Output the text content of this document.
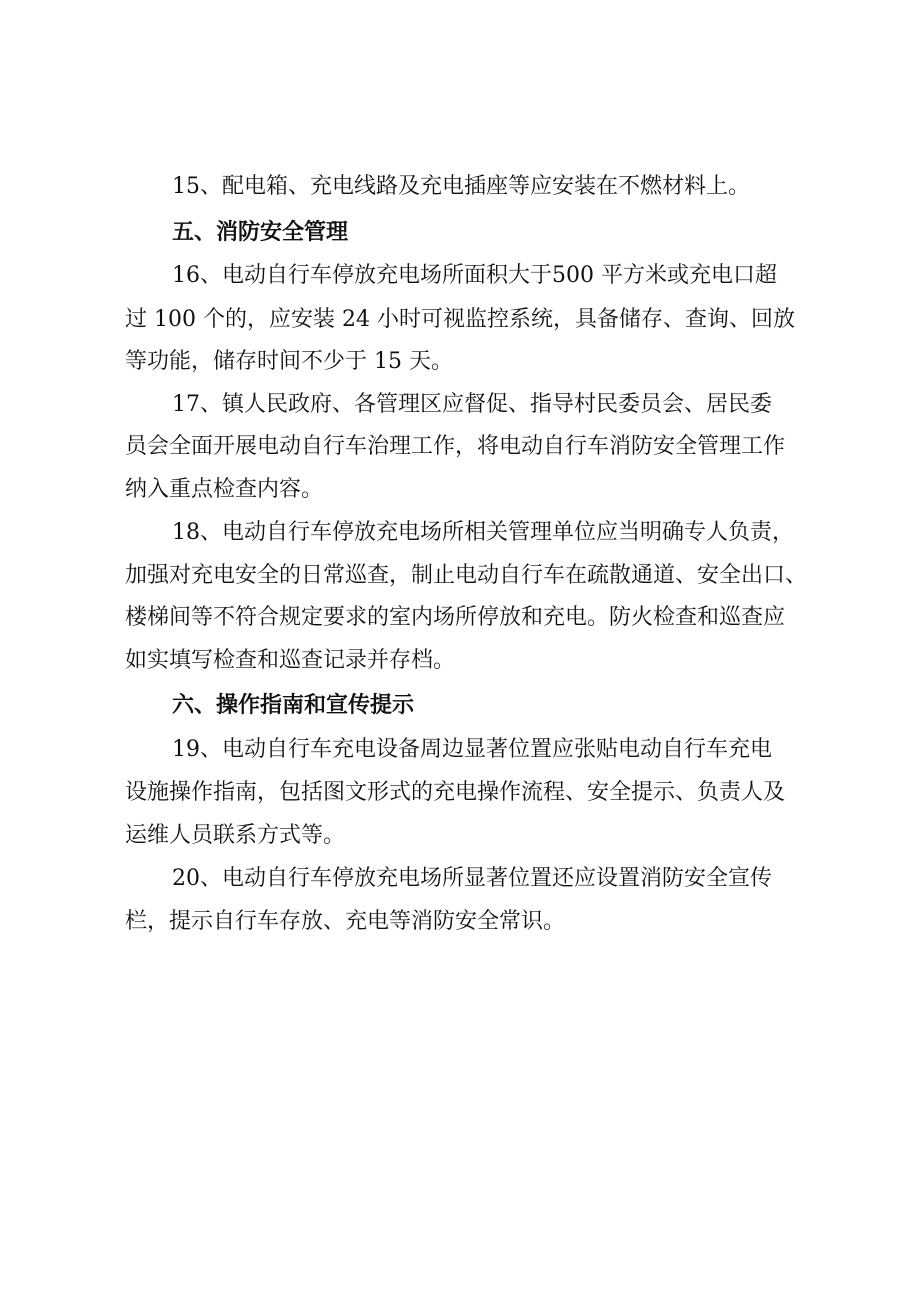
15、配电箱、充电线路及充电插座等应安装在不燃材料上。
五、消防安全管理
16、电动自行车停放充电场所面积大于500 平方米或充电口超
过 100 个的，应安装 24 小时可视监控系统，具备储存、查询、回放
等功能，储存时间不少于 15 天。
17、镇人民政府、各管理区应督促、指导村民委员会、居民委
员会全面开展电动自行车治理工作，将电动自行车消防安全管理工作
纳入重点检查内容。
18、电动自行车停放充电场所相关管理单位应当明确专人负责，
加强对充电安全的日常巡查，制止电动自行车在疏散通道、安全出口、
楼梯间等不符合规定要求的室内场所停放和充电。防火检查和巡查应
如实填写检查和巡查记录并存档。
六、操作指南和宣传提示
19、电动自行车充电设备周边显著位置应张贴电动自行车充电
设施操作指南，包括图文形式的充电操作流程、安全提示、负责人及
运维人员联系方式等。
20、电动自行车停放充电场所显著位置还应设置消防安全宣传
栏，提示自行车存放、充电等消防安全常识。
